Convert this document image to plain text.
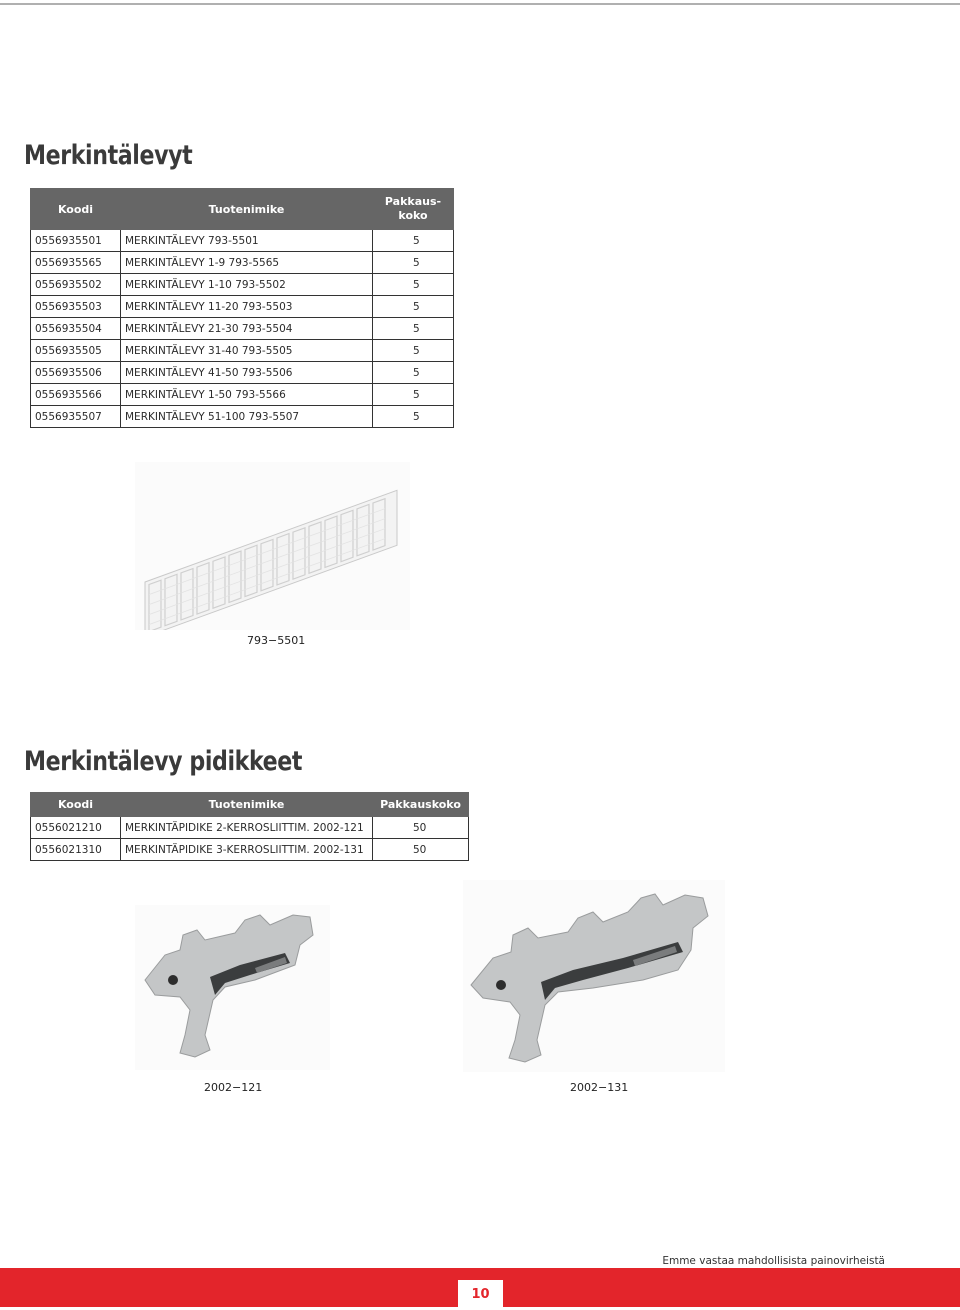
Merkintälevyt
Koodi	Tuotenimike	Pakkaus-
koko
0556935501	MERKINTÄLEVY 793-5501	5
0556935565	MERKINTÄLEVY 1-9 793-5565	5
0556935502	MERKINTÄLEVY 1-10 793-5502	5
0556935503	MERKINTÄLEVY 11-20 793-5503	5
0556935504	MERKINTÄLEVY 21-30 793-5504	5
0556935505	MERKINTÄLEVY 31-40 793-5505	5
0556935506	MERKINTÄLEVY 41-50 793-5506	5
0556935566	MERKINTÄLEVY 1-50 793-5566	5
0556935507	MERKINTÄLEVY 51-100 793-5507	5
793−5501
Merkintälevy pidikkeet
Koodi	Tuotenimike	Pakkauskoko
0556021210	MERKINTÄPIDIKE 2-KERROSLIITTIM. 2002-121	50
0556021310	MERKINTÄPIDIKE 3-KERROSLIITTIM. 2002-131	50
2002−121	2002−131
Emme vastaa mahdollisista painovirheistä
10
